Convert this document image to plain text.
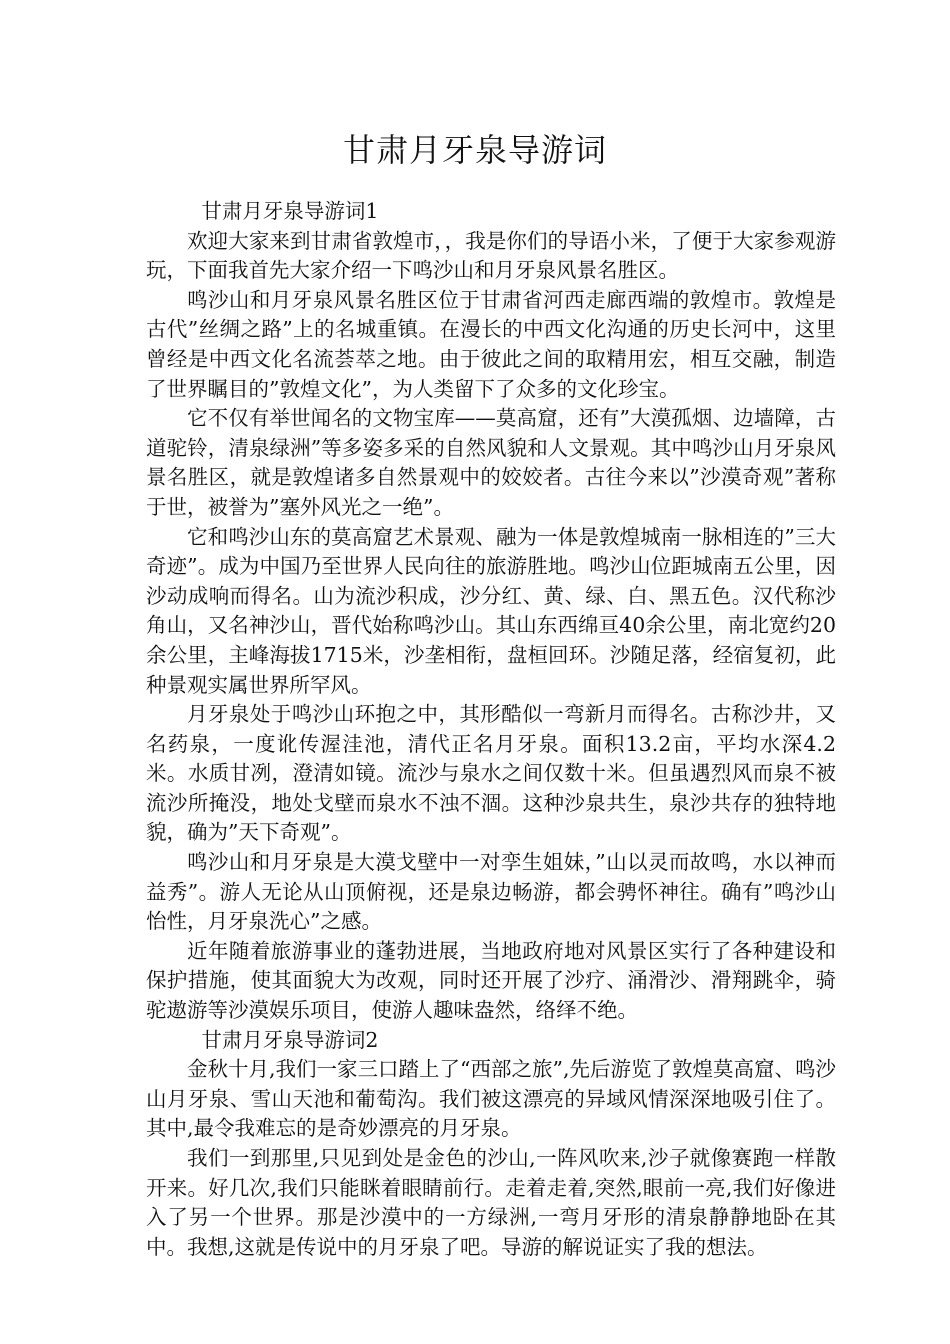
甘肃月牙泉导游词

甘肃月牙泉导游词1

欢迎大家来到甘肃省敦煌市，，我是你们的导语小米，了便于大家参观游玩，下面我首先大家介绍一下鸣沙山和月牙泉风景名胜区。

鸣沙山和月牙泉风景名胜区位于甘肃省河西走廊西端的敦煌市。敦煌是古代”丝绸之路”上的名城重镇。在漫长的中西文化沟通的历史长河中，这里曾经是中西文化名流荟萃之地。由于彼此之间的取精用宏，相互交融，制造了世界瞩目的”敦煌文化”，为人类留下了众多的文化珍宝。

它不仅有举世闻名的文物宝库——莫高窟，还有”大漠孤烟、边墙障，古道驼铃，清泉绿洲”等多姿多采的自然风貌和人文景观。其中鸣沙山月牙泉风景名胜区，就是敦煌诸多自然景观中的姣姣者。古往今来以”沙漠奇观”著称于世，被誉为”塞外风光之一绝”。

它和鸣沙山东的莫高窟艺术景观、融为一体是敦煌城南一脉相连的”三大奇迹”。成为中国乃至世界人民向往的旅游胜地。鸣沙山位距城南五公里，因沙动成响而得名。山为流沙积成，沙分红、黄、绿、白、黑五色。汉代称沙角山，又名神沙山，晋代始称鸣沙山。其山东西绵亘40余公里，南北宽约20余公里，主峰海拔1715米，沙垄相衔，盘桓回环。沙随足落，经宿复初，此种景观实属世界所罕风。

月牙泉处于鸣沙山环抱之中，其形酷似一弯新月而得名。古称沙井，又名药泉，一度讹传渥洼池，清代正名月牙泉。面积13.2亩，平均水深4.2米。水质甘冽，澄清如镜。流沙与泉水之间仅数十米。但虽遇烈风而泉不被流沙所掩没，地处戈壁而泉水不浊不涸。这种沙泉共生，泉沙共存的独特地貌，确为”天下奇观”。

鸣沙山和月牙泉是大漠戈壁中一对孪生姐妹，”山以灵而故鸣，水以神而益秀”。游人无论从山顶俯视，还是泉边畅游，都会骋怀神往。确有”鸣沙山怡性，月牙泉洗心”之感。

近年随着旅游事业的蓬勃进展，当地政府地对风景区实行了各种建设和保护措施，使其面貌大为改观，同时还开展了沙疗、涌滑沙、滑翔跳伞，骑驼遨游等沙漠娱乐项目，使游人趣味盎然，络绎不绝。

甘肃月牙泉导游词2

金秋十月,我们一家三口踏上了“西部之旅”,先后游览了敦煌莫高窟、鸣沙山月牙泉、雪山天池和葡萄沟。我们被这漂亮的异域风情深深地吸引住了。其中,最令我难忘的是奇妙漂亮的月牙泉。

我们一到那里,只见到处是金色的沙山,一阵风吹来,沙子就像赛跑一样散开来。好几次,我们只能眯着眼睛前行。走着走着,突然,眼前一亮,我们好像进入了另一个世界。那是沙漠中的一方绿洲,一弯月牙形的清泉静静地卧在其中。我想,这就是传说中的月牙泉了吧。导游的解说证实了我的想法。
